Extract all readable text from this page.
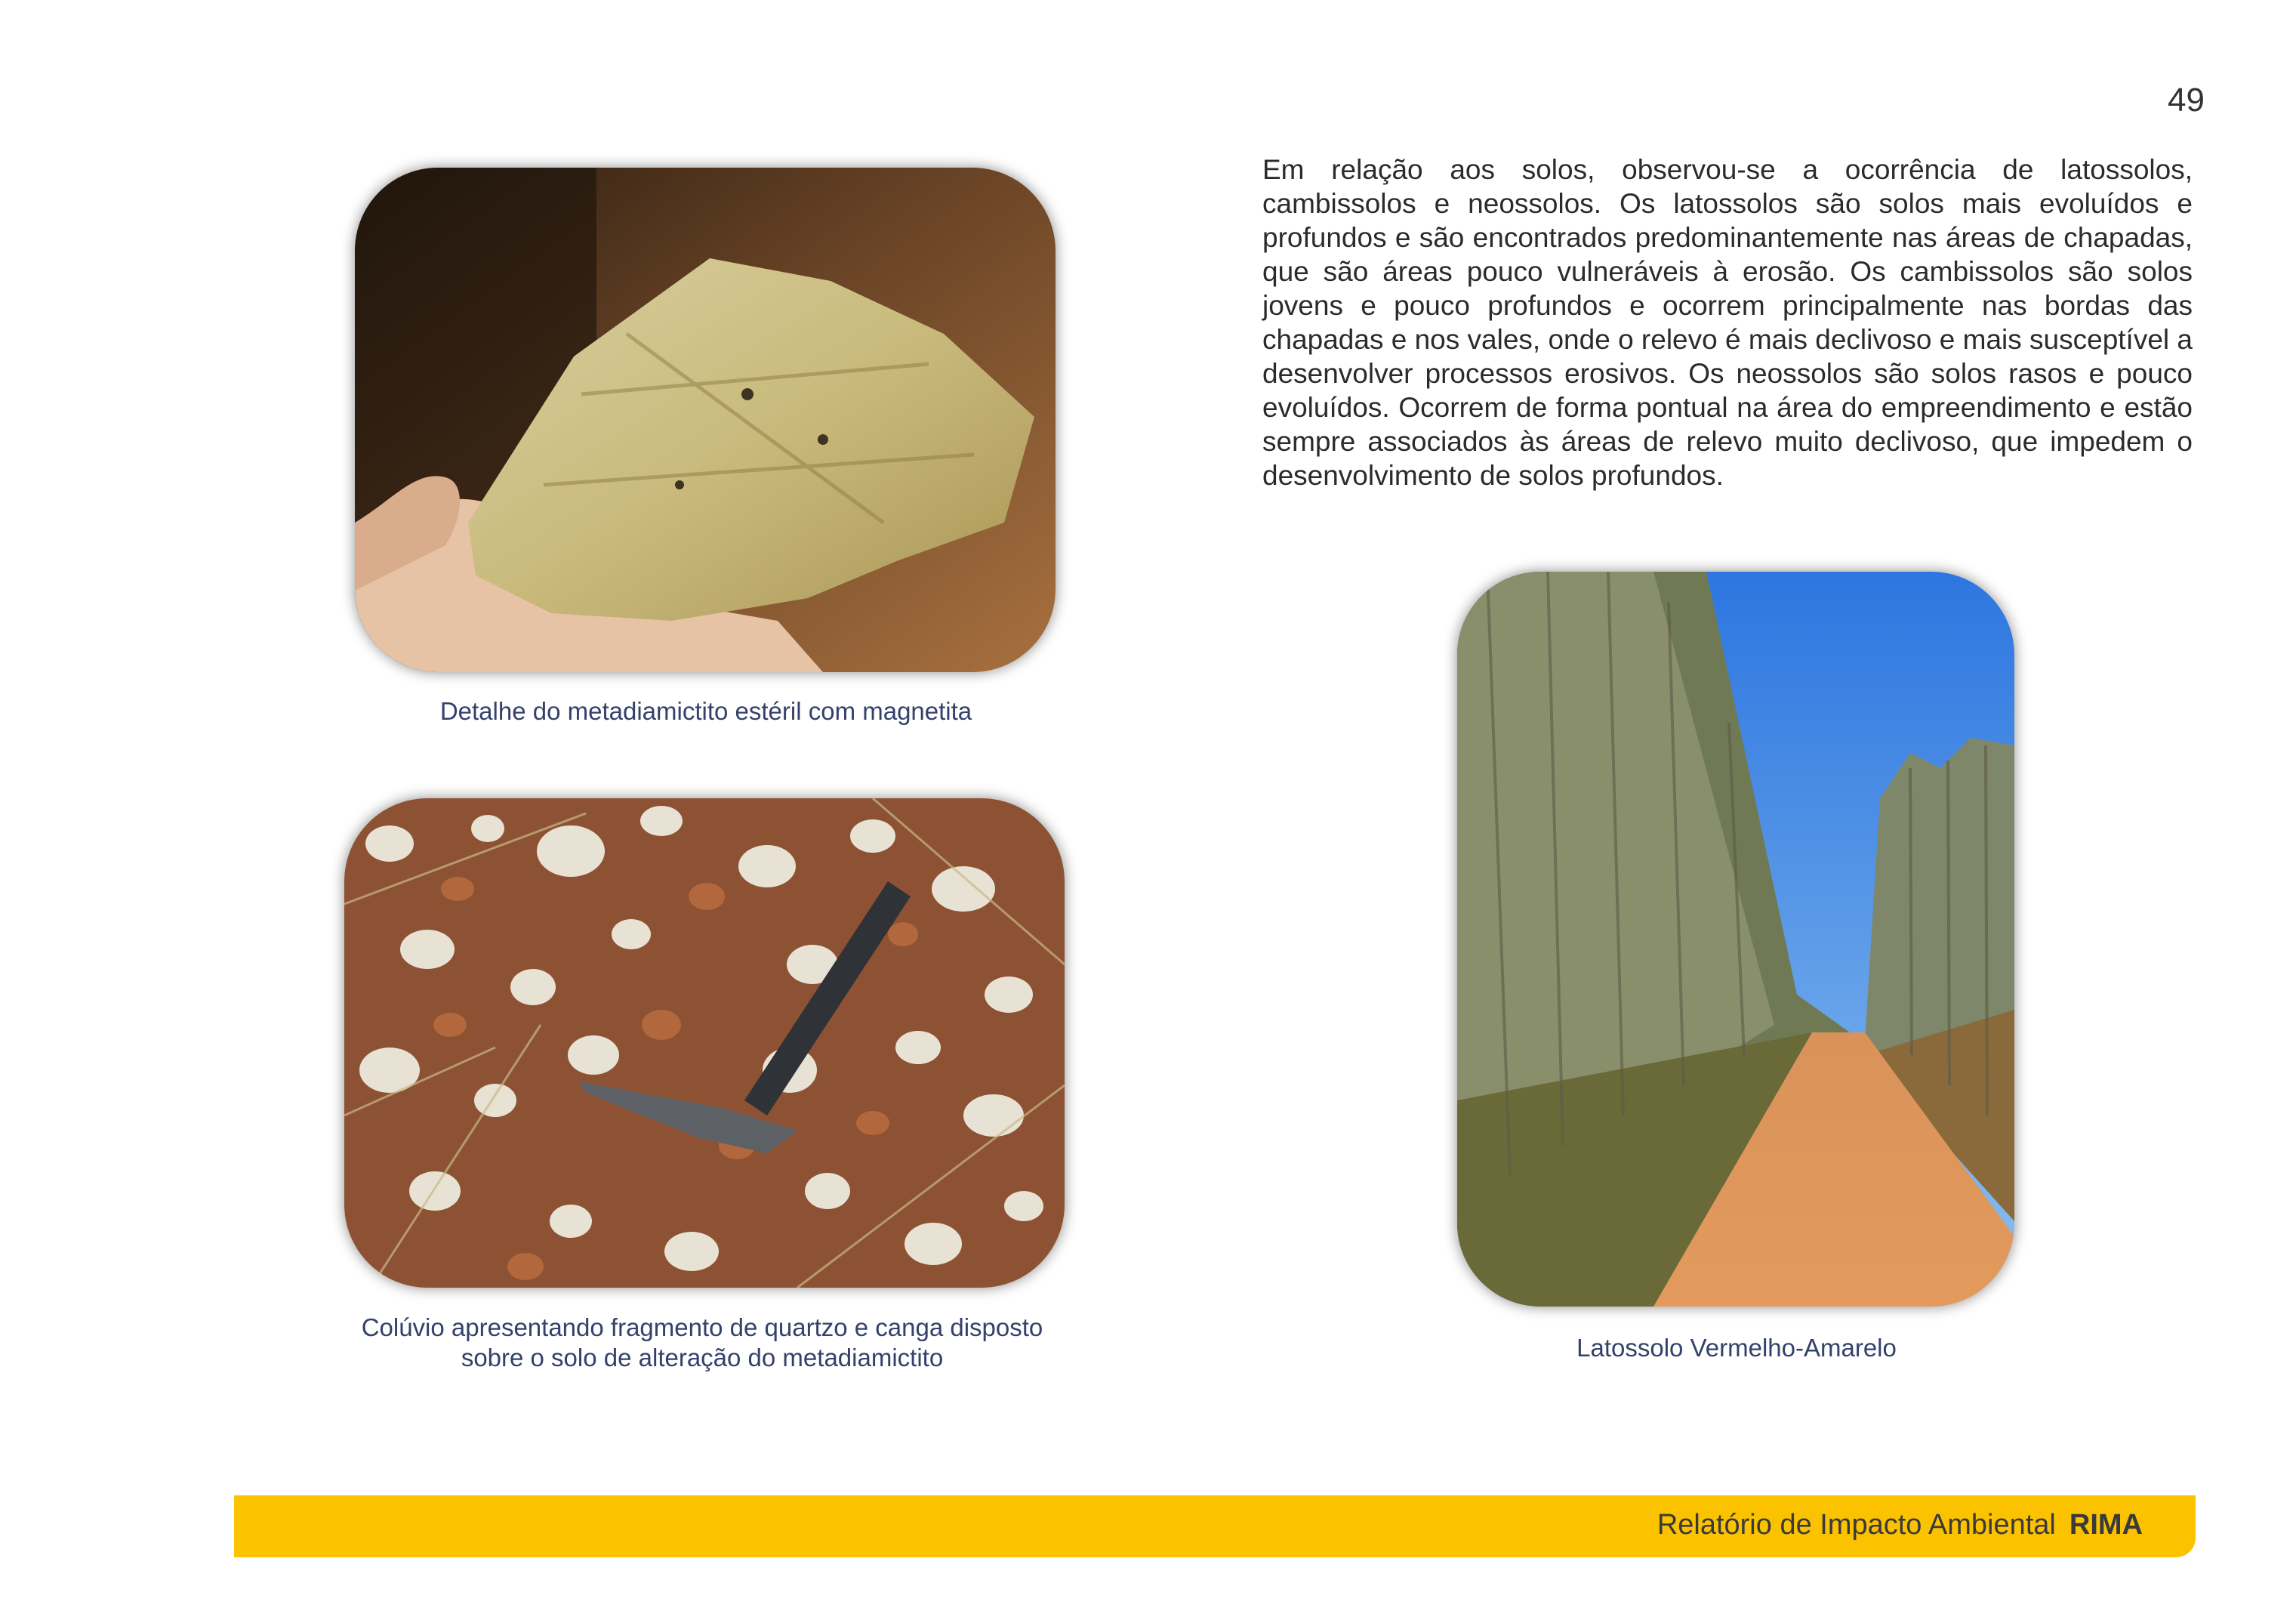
49

Em relação aos solos, observou-se a ocorrência de latossolos, cambissolos e neossolos. Os latossolos são solos mais evoluídos e profundos e são encontrados predominantemente nas áreas de chapadas, que são áreas pouco vulneráveis à erosão. Os cambissolos são solos jovens e pouco profundos e ocorrem principalmente nas bordas das chapadas e nos vales, onde o relevo é mais declivoso e mais susceptível a desenvolver processos erosivos. Os neossolos são solos rasos e pouco evoluídos. Ocorrem de forma pontual na área do empreendimento e estão sempre associados às áreas de relevo muito declivoso, que impedem o desenvolvimento de solos profundos.

Detalhe do metadiamictito estéril com magnetita
Colúvio apresentando fragmento de quartzo e canga disposto
sobre o solo de alteração do metadiamictito	Latossolo Vermelho-Amarelo
Relatório de Impacto Ambiental RIMA
